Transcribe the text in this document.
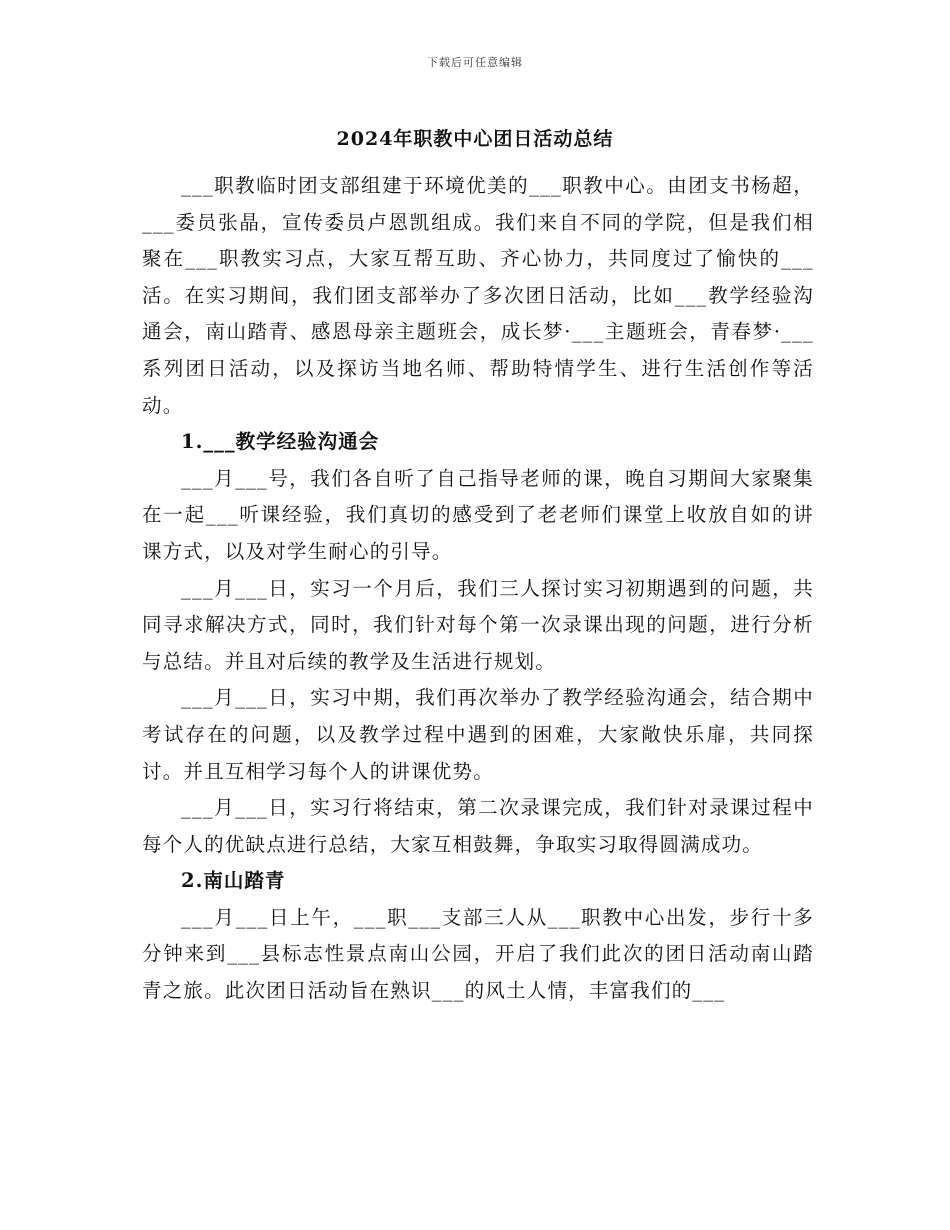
下载后可任意编辑
2024年职教中心团日活动总结

___职教临时团支部组建于环境优美的___职教中心。由团支书杨超，___委员张晶，宣传委员卢恩凯组成。我们来自不同的学院，但是我们相聚在___职教实习点，大家互帮互助、齐心协力，共同度过了愉快的___活。在实习期间，我们团支部举办了多次团日活动，比如___教学经验沟通会，南山踏青、感恩母亲主题班会，成长梦·___主题班会，青春梦·___系列团日活动，以及探访当地名师、帮助特情学生、进行生活创作等活动。

1.___教学经验沟通会

___月___号，我们各自听了自己指导老师的课，晚自习期间大家聚集在一起___听课经验，我们真切的感受到了老老师们课堂上收放自如的讲课方式，以及对学生耐心的引导。

___月___日，实习一个月后，我们三人探讨实习初期遇到的问题，共同寻求解决方式，同时，我们针对每个第一次录课出现的问题，进行分析与总结。并且对后续的教学及生活进行规划。

___月___日，实习中期，我们再次举办了教学经验沟通会，结合期中考试存在的问题，以及教学过程中遇到的困难，大家敞快乐扉，共同探讨。并且互相学习每个人的讲课优势。

___月___日，实习行将结束，第二次录课完成，我们针对录课过程中每个人的优缺点进行总结，大家互相鼓舞，争取实习取得圆满成功。

2.南山踏青

___月___日上午，___职___支部三人从___职教中心出发，步行十多分钟来到___县标志性景点南山公园，开启了我们此次的团日活动南山踏青之旅。此次团日活动旨在熟识___的风土人情，丰富我们的___
